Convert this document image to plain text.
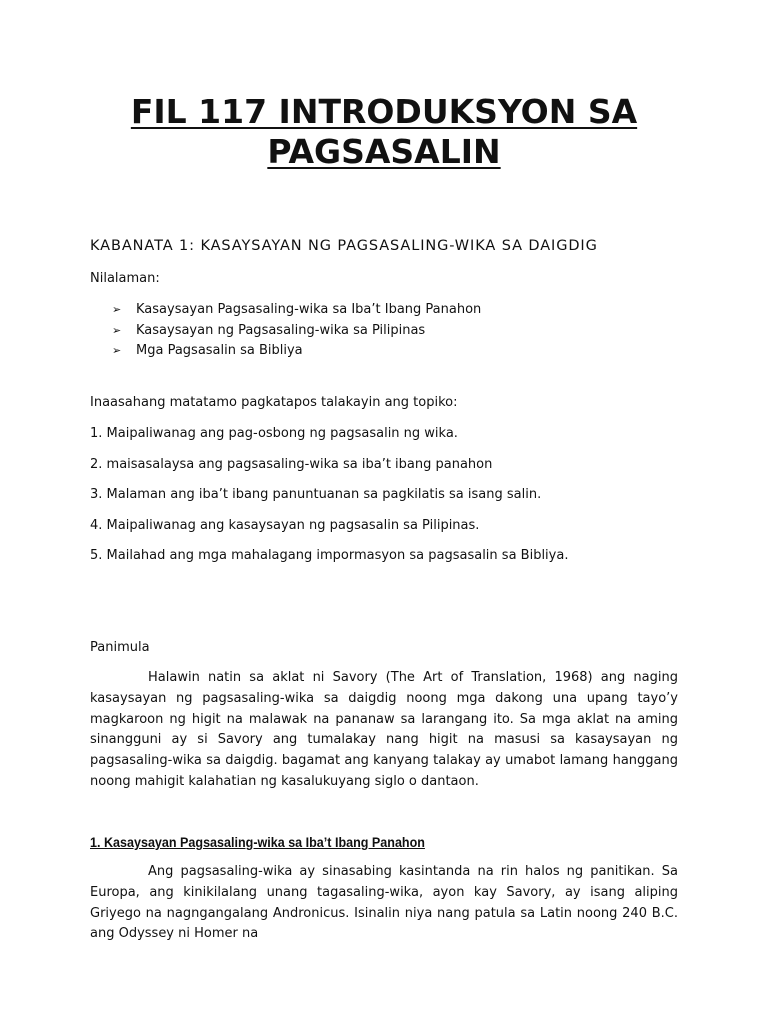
FIL 117 INTRODUKSYON SA PAGSASALIN
KABANATA 1: KASAYSAYAN NG PAGSASALING-WIKA SA DAIGDIG
Nilalaman:
➢ Kasaysayan Pagsasaling-wika sa Iba’t Ibang Panahon
➢ Kasaysayan ng Pagsasaling-wika sa Pilipinas
➢ Mga Pagsasalin sa Bibliya
Inaasahang matatamo pagkatapos talakayin ang topiko:
1. Maipaliwanag ang pag-osbong ng pagsasalin ng wika.
2. maisasalaysa ang pagsasaling-wika sa iba’t ibang panahon
3. Malaman ang iba’t ibang panuntuanan sa pagkilatis sa isang salin.
4. Maipaliwanag ang kasaysayan ng pagsasalin sa Pilipinas.
5. Mailahad ang mga mahalagang impormasyon sa pagsasalin sa Bibliya.
Panimula
Halawin natin sa aklat ni Savory (The Art of Translation, 1968) ang naging kasaysayan ng pagsasaling-wika sa daigdig noong mga dakong una upang tayo’y magkaroon ng higit na malawak na pananaw sa larangang ito. Sa mga aklat na aming sinangguni ay si Savory ang tumalakay nang higit na masusi sa kasaysayan ng pagsasaling-wika sa daigdig. bagamat ang kanyang talakay ay umabot lamang hanggang noong mahigit kalahatian ng kasalukuyang siglo o dantaon.
1. Kasaysayan Pagsasaling-wika sa Iba’t Ibang Panahon
Ang pagsasaling-wika ay sinasabing kasintanda na rin halos ng panitikan. Sa Europa, ang kinikilalang unang tagasaling-wika, ayon kay Savory, ay isang aliping Griyego na nagngangalang Andronicus. Isinalin niya nang patula sa Latin noong 240 B.C. ang Odyssey ni Homer na
